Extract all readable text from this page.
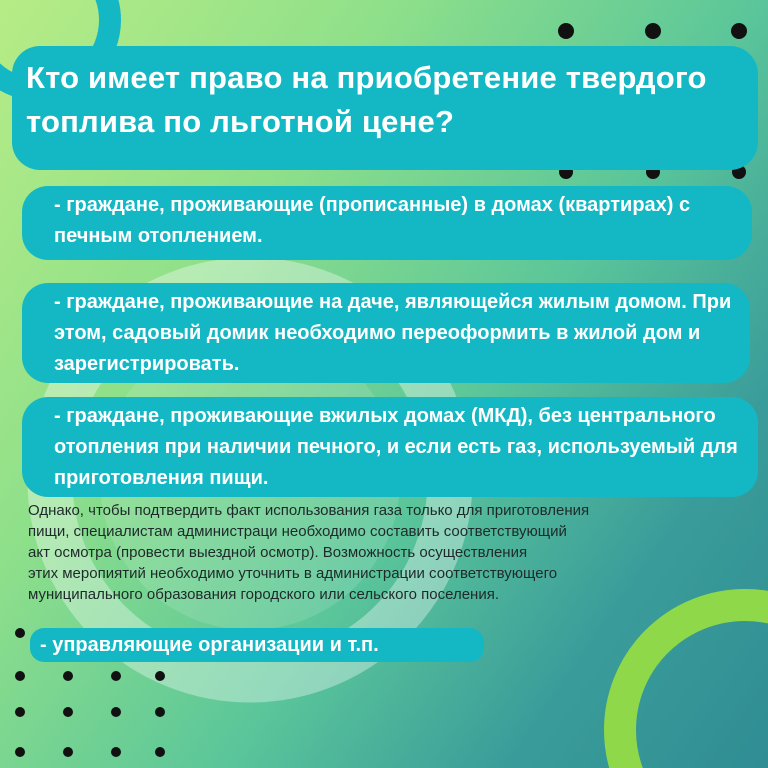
Кто имеет право на приобретение твердого топлива по льготной цене?
- граждане, проживающие (прописанные) в домах (квартирах) с печным отоплением.
- граждане, проживающие на даче, являющейся жилым домом. При этом, садовый домик необходимо переоформить в жилой дом и зарегистрировать.
- граждане, проживающие вжилых домах (МКД), без центрального отопления при наличии печного, и если есть газ, используемый для приготовления пищи.
Однако, чтобы подтвердить факт использования газа только для приготовления
пищи, специалистам администраци необходимо составить соответствующий
акт осмотра (провести выездной осмотр). Возможность осуществления
этих меропиятий необходимо уточнить в администрации соответствующего
муниципального образования городского или сельского поселения.
- управляющие организации и т.п.
